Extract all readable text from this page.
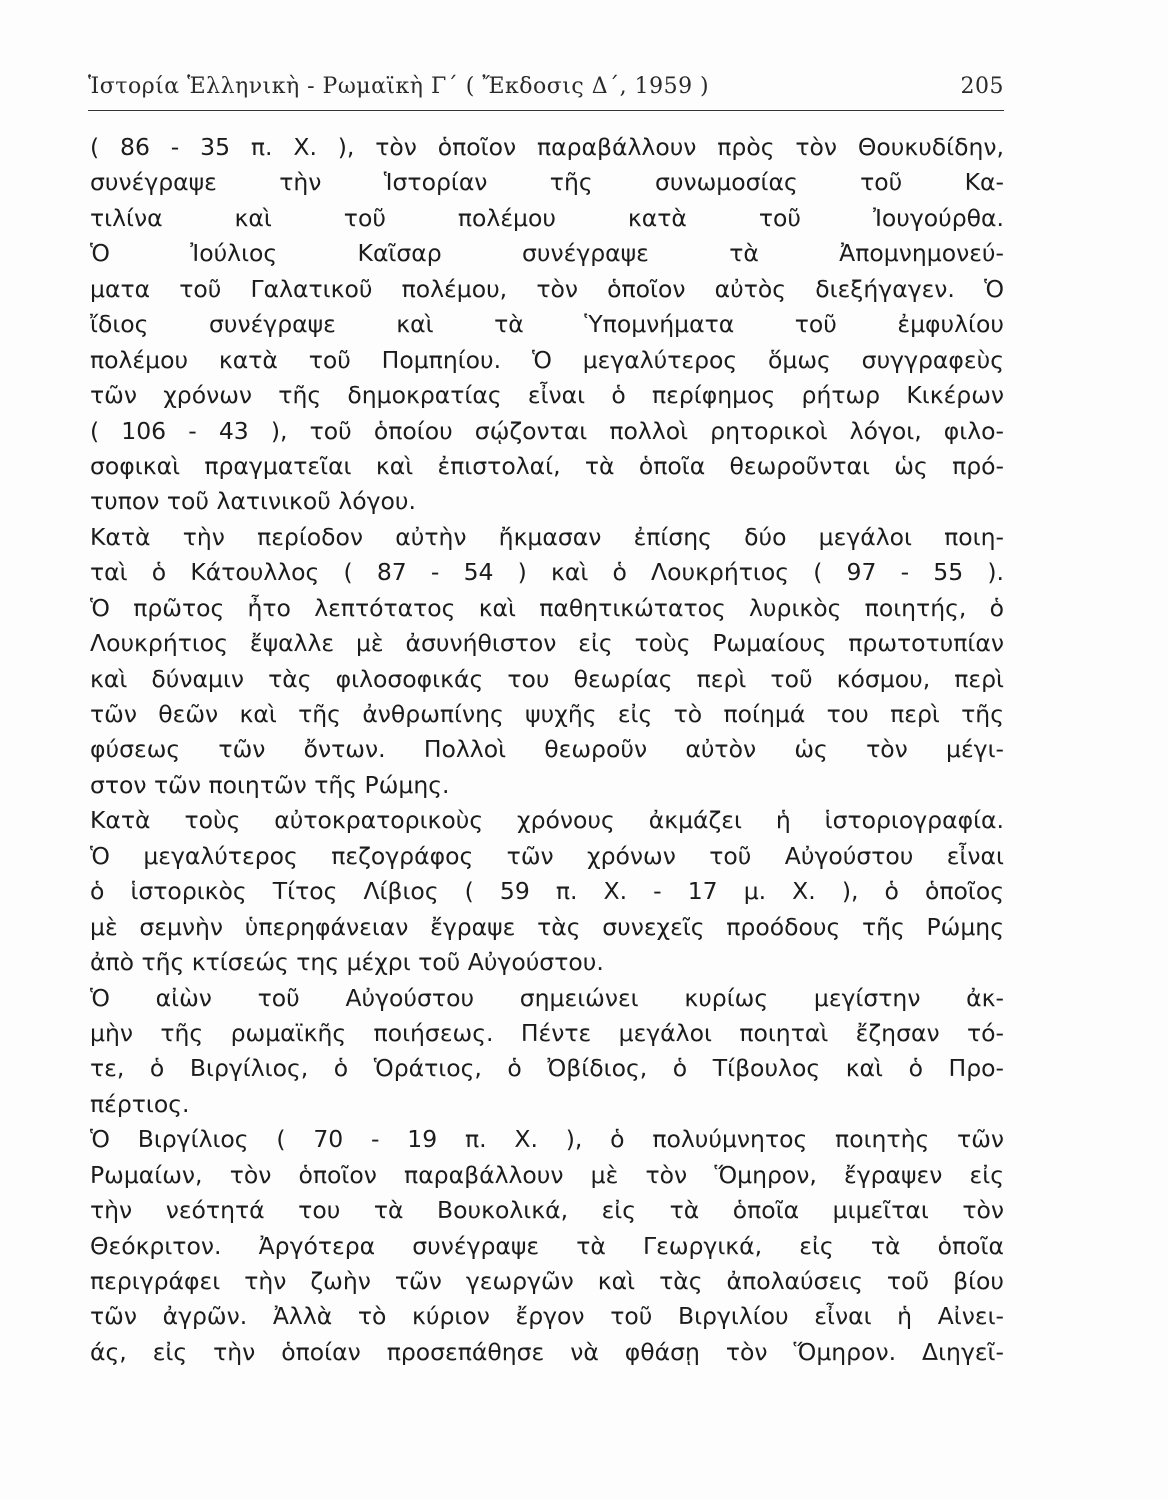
Ἱστορία Ἑλληνικὴ - Ρωμαϊκὴ Γ΄ ( Ἔκδοσις Δ΄, 1959 )	205
( 86 - 35 π. Χ. ), τὸν ὁποῖον παραβάλλουν πρὸς τὸν Θουκυδίδην,
συνέγραψε τὴν Ἱστορίαν τῆς συνωμοσίας τοῦ Κα-
τιλίνα καὶ τοῦ πολέμου κατὰ τοῦ Ἰουγούρθα.
Ὁ Ἰούλιος Καῖσαρ συνέγραψε τὰ Ἀπομνημονεύ-
ματα τοῦ Γαλατικοῦ πολέμου, τὸν ὁποῖον αὐτὸς διεξήγαγεν. Ὁ
ἴδιος συνέγραψε καὶ τὰ Ὑπομνήματα τοῦ ἐμφυλίου
πολέμου κατὰ τοῦ Πομπηίου. Ὁ μεγαλύτερος ὅμως συγγραφεὺς
τῶν χρόνων τῆς δημοκρατίας εἶναι ὁ περίφημος ρήτωρ Κικέρων
( 106 - 43 ), τοῦ ὁποίου σῴζονται πολλοὶ ρητορικοὶ λόγοι, φιλο-
σοφικαὶ πραγματεῖαι καὶ ἐπιστολαί, τὰ ὁποῖα θεωροῦνται ὡς πρό-
τυπον τοῦ λατινικοῦ λόγου.
Κατὰ τὴν περίοδον αὐτὴν ἤκμασαν ἐπίσης δύο μεγάλοι ποιη-
ταὶ ὁ Κάτουλλος ( 87 - 54 ) καὶ ὁ Λουκρήτιος ( 97 - 55 ).
Ὁ πρῶτος ἦτο λεπτότατος καὶ παθητικώτατος λυρικὸς ποιητής, ὁ
Λουκρήτιος ἔψαλλε μὲ ἀσυνήθιστον εἰς τοὺς Ρωμαίους πρωτοτυπίαν
καὶ δύναμιν τὰς φιλοσοφικάς του θεωρίας περὶ τοῦ κόσμου, περὶ
τῶν θεῶν καὶ τῆς ἀνθρωπίνης ψυχῆς εἰς τὸ ποίημά του περὶ τῆς
φύσεως τῶν ὄντων. Πολλοὶ θεωροῦν αὐτὸν ὡς τὸν μέγι-
στον τῶν ποιητῶν τῆς Ρώμης.
Κατὰ τοὺς αὐτοκρατορικοὺς χρόνους ἀκμάζει ἡ ἱστοριογραφία.
Ὁ μεγαλύτερος πεζογράφος τῶν χρόνων τοῦ Αὐγούστου εἶναι
ὁ ἱστορικὸς Τίτος Λίβιος ( 59 π. Χ. - 17 μ. Χ. ), ὁ ὁποῖος
μὲ σεμνὴν ὑπερηφάνειαν ἔγραψε τὰς συνεχεῖς προόδους τῆς Ρώμης
ἀπὸ τῆς κτίσεώς της μέχρι τοῦ Αὐγούστου.
Ὁ αἰὼν τοῦ Αὐγούστου σημειώνει κυρίως μεγίστην ἀκ-
μὴν τῆς ρωμαϊκῆς ποιήσεως. Πέντε μεγάλοι ποιηταὶ ἔζησαν τό-
τε, ὁ Βιργίλιος, ὁ Ὁράτιος, ὁ Ὀβίδιος, ὁ Τίβουλος καὶ ὁ Προ-
πέρτιος.
Ὁ Βιργίλιος ( 70 - 19 π. Χ. ), ὁ πολυύμνητος ποιητὴς τῶν
Ρωμαίων, τὸν ὁποῖον παραβάλλουν μὲ τὸν Ὅμηρον, ἔγραψεν εἰς
τὴν νεότητά του τὰ Βουκολικά, εἰς τὰ ὁποῖα μιμεῖται τὸν
Θεόκριτον. Ἀργότερα συνέγραψε τὰ Γεωργικά, εἰς τὰ ὁποῖα
περιγράφει τὴν ζωὴν τῶν γεωργῶν καὶ τὰς ἀπολαύσεις τοῦ βίου
τῶν ἀγρῶν. Ἀλλὰ τὸ κύριον ἔργον τοῦ Βιργιλίου εἶναι ἡ Αἰνει-
άς, εἰς τὴν ὁποίαν προσεπάθησε νὰ φθάσῃ τὸν Ὅμηρον. Διηγεῖ-
